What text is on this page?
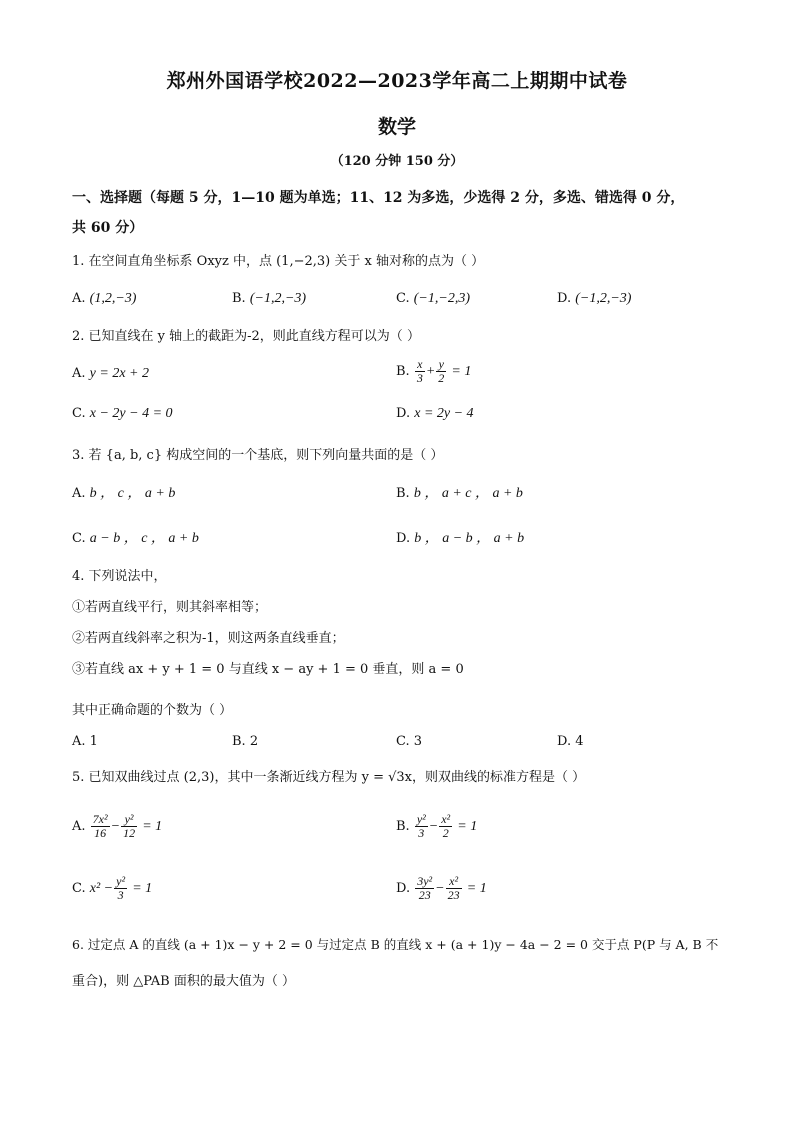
郑州外国语学校2022—2023学年高二上期期中试卷
数学
（120 分钟 150 分）
一、选择题（每题 5 分，1—10 题为单选；11、12 为多选，少选得 2 分，多选、错选得 0 分，
共 60 分）
1. 在空间直角坐标系 Oxyz 中，点 (1,−2,3) 关于 x 轴对称的点为（ ）
A. (1,2,−3)	B. (−1,2,−3)	C. (−1,−2,3)	D. (−1,2,−3)
2. 已知直线在 y 轴上的截距为-2，则此直线方程可以为（ ）
A. y = 2x + 2	B. $\frac{x}{3} + \frac{y}{2} = 1$
C. x − 2y − 4 = 0	D. x = 2y − 4
3. 若 {a, b, c} 构成空间的一个基底，则下列向量共面的是（ ）
A. b ， c ， a + b	B. b ， a + c ， a + b
C. a − b ， c ， a + b	D. b ， a − b ， a + b
4. 下列说法中，
①若两直线平行，则其斜率相等；
②若两直线斜率之积为-1，则这两条直线垂直；
③若直线 ax + y + 1 = 0 与直线 x − ay + 1 = 0 垂直，则 a = 0
其中正确命题的个数为（ ）
A. 1	B. 2	C. 3	D. 4
5. 已知双曲线过点 (2,3)，其中一条渐近线方程为 y = √3x，则双曲线的标准方程是（ ）
A. $\frac{\text{7x²}}{16} - \frac{\text{y²}}{12} = 1$	B. $\frac{\text{y²}}{3} - \frac{\text{x²}}{2} = 1$
C. $x^2 - \frac{\text{y²}}{3} = 1$	D. $\frac{\text{3y²}}{23} - \frac{\text{x²}}{23} = 1$
6. 过定点 A 的直线 (a + 1)x − y + 2 = 0 与过定点 B 的直线 x + (a + 1)y − 4a − 2 = 0 交于点 P(P 与 A, B 不
重合)，则 △PAB 面积的最大值为（ ）
